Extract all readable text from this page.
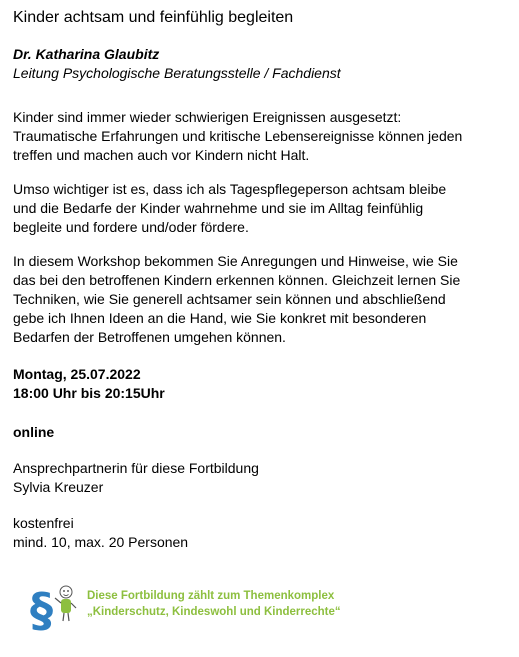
Kinder achtsam und feinfühlig begleiten
Dr. Katharina Glaubitz
Leitung Psychologische Beratungsstelle / Fachdienst
Kinder sind immer wieder schwierigen Ereignissen ausgesetzt:
Traumatische Erfahrungen und kritische Lebensereignisse können jeden
treffen und machen auch vor Kindern nicht Halt.
Umso wichtiger ist es, dass ich als Tagespflegeperson achtsam bleibe
und die Bedarfe der Kinder wahrnehme und sie im Alltag feinfühlig
begleite und fordere und/oder fördere.
In diesem Workshop bekommen Sie Anregungen und Hinweise, wie Sie
das bei den betroffenen Kindern erkennen können. Gleichzeit lernen Sie
Techniken, wie Sie generell achtsamer sein können und abschließend
gebe ich Ihnen Ideen an die Hand, wie Sie konkret mit besonderen
Bedarfen der Betroffenen umgehen können.
Montag, 25.07.2022
18:00 Uhr bis 20:15Uhr
online
Ansprechpartnerin für diese Fortbildung
Sylvia Kreuzer
kostenfrei
mind. 10, max. 20 Personen
§	Diese Fortbildung zählt zum Themenkomplex
„Kinderschutz, Kindeswohl und Kinderrechte“
